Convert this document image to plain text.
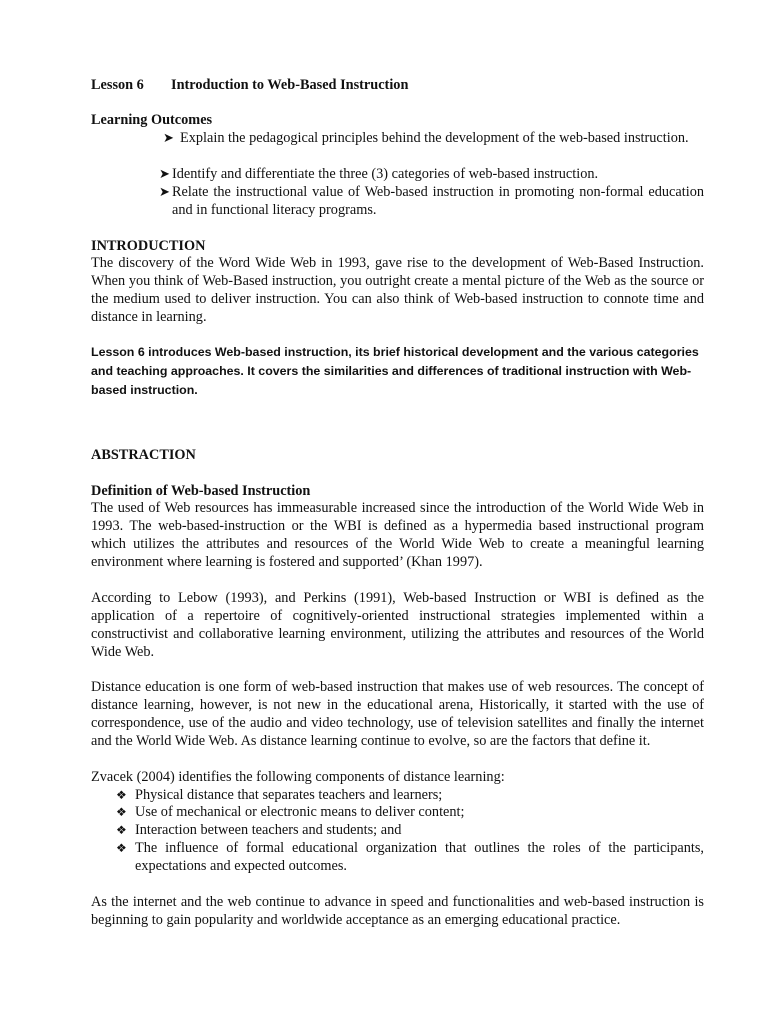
Lesson 6 Introduction to Web-Based Instruction
Learning Outcomes
➤ Explain the pedagogical principles behind the development of the web-based instruction.
➤ Identify and differentiate the three (3) categories of web-based instruction.
➤ Relate the instructional value of Web-based instruction in promoting non-formal education and in functional literacy programs.
INTRODUCTION
The discovery of the Word Wide Web in 1993, gave rise to the development of Web-Based Instruction. When you think of Web-Based instruction, you outright create a mental picture of the Web as the source or the medium used to deliver instruction. You can also think of Web-based instruction to connote time and distance in learning.
Lesson 6 introduces Web-based instruction, its brief historical development and the various categories and teaching approaches. It covers the similarities and differences of traditional instruction with Web-based instruction.
ABSTRACTION
Definition of Web-based Instruction
The used of Web resources has immeasurable increased since the introduction of the World Wide Web in 1993. The web-based-instruction or the WBI is defined as a hypermedia based instructional program which utilizes the attributes and resources of the World Wide Web to create a meaningful learning environment where learning is fostered and supported’ (Khan 1997).
According to Lebow (1993), and Perkins (1991), Web-based Instruction or WBI is defined as the application of a repertoire of cognitively-oriented instructional strategies implemented within a constructivist and collaborative learning environment, utilizing the attributes and resources of the World Wide Web.
Distance education is one form of web-based instruction that makes use of web resources. The concept of distance learning, however, is not new in the educational arena, Historically, it started with the use of correspondence, use of the audio and video technology, use of television satellites and finally the internet and the World Wide Web. As distance learning continue to evolve, so are the factors that define it.
Zvacek (2004) identifies the following components of distance learning:
❖ Physical distance that separates teachers and learners;
❖ Use of mechanical or electronic means to deliver content;
❖ Interaction between teachers and students; and
❖ The influence of formal educational organization that outlines the roles of the participants, expectations and expected outcomes.
As the internet and the web continue to advance in speed and functionalities and web-based instruction is beginning to gain popularity and worldwide acceptance as an emerging educational practice.
